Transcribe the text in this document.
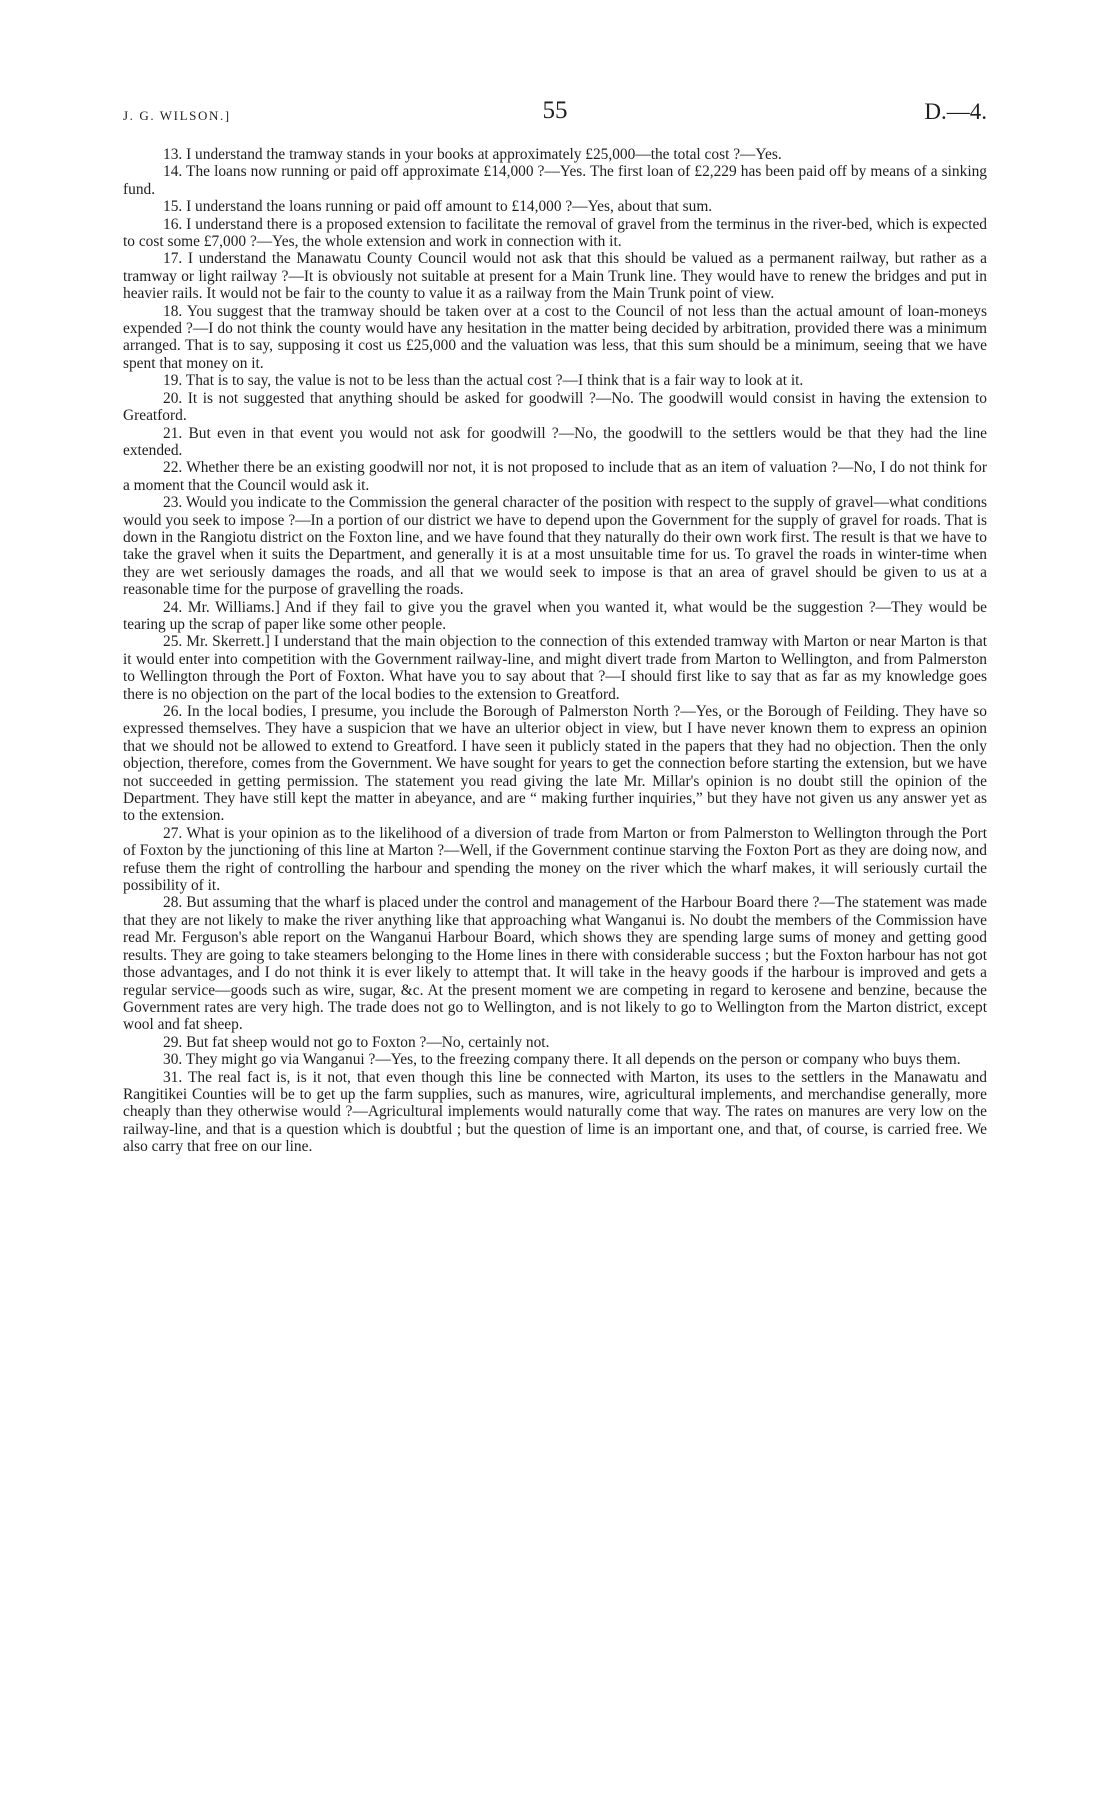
J. G. WILSON.]	55	D.—4.

13. I understand the tramway stands in your books at approximately £25,000—the total cost ?—Yes.

14. The loans now running or paid off approximate £14,000 ?—Yes. The first loan of £2,229 has been paid off by means of a sinking fund.

15. I understand the loans running or paid off amount to £14,000 ?—Yes, about that sum.

16. I understand there is a proposed extension to facilitate the removal of gravel from the terminus in the river-bed, which is expected to cost some £7,000 ?—Yes, the whole extension and work in connection with it.

17. I understand the Manawatu County Council would not ask that this should be valued as a permanent railway, but rather as a tramway or light railway ?—It is obviously not suitable at present for a Main Trunk line. They would have to renew the bridges and put in heavier rails. It would not be fair to the county to value it as a railway from the Main Trunk point of view.

18. You suggest that the tramway should be taken over at a cost to the Council of not less than the actual amount of loan-moneys expended ?—I do not think the county would have any hesitation in the matter being decided by arbitration, provided there was a minimum arranged. That is to say, supposing it cost us £25,000 and the valuation was less, that this sum should be a minimum, seeing that we have spent that money on it.

19. That is to say, the value is not to be less than the actual cost ?—I think that is a fair way to look at it.

20. It is not suggested that anything should be asked for goodwill ?—No. The goodwill would consist in having the extension to Greatford.

21. But even in that event you would not ask for goodwill ?—No, the goodwill to the settlers would be that they had the line extended.

22. Whether there be an existing goodwill nor not, it is not proposed to include that as an item of valuation ?—No, I do not think for a moment that the Council would ask it.

23. Would you indicate to the Commission the general character of the position with respect to the supply of gravel—what conditions would you seek to impose ?—In a portion of our district we have to depend upon the Government for the supply of gravel for roads. That is down in the Rangiotu district on the Foxton line, and we have found that they naturally do their own work first. The result is that we have to take the gravel when it suits the Department, and generally it is at a most unsuitable time for us. To gravel the roads in winter-time when they are wet seriously damages the roads, and all that we would seek to impose is that an area of gravel should be given to us at a reasonable time for the purpose of gravelling the roads.

24. Mr. Williams.] And if they fail to give you the gravel when you wanted it, what would be the suggestion ?—They would be tearing up the scrap of paper like some other people.

25. Mr. Skerrett.] I understand that the main objection to the connection of this extended tramway with Marton or near Marton is that it would enter into competition with the Government railway-line, and might divert trade from Marton to Wellington, and from Palmerston to Wellington through the Port of Foxton. What have you to say about that ?—I should first like to say that as far as my knowledge goes there is no objection on the part of the local bodies to the extension to Greatford.

26. In the local bodies, I presume, you include the Borough of Palmerston North ?—Yes, or the Borough of Feilding. They have so expressed themselves. They have a suspicion that we have an ulterior object in view, but I have never known them to express an opinion that we should not be allowed to extend to Greatford. I have seen it publicly stated in the papers that they had no objection. Then the only objection, therefore, comes from the Government. We have sought for years to get the connection before starting the extension, but we have not succeeded in getting permission. The statement you read giving the late Mr. Millar's opinion is no doubt still the opinion of the Department. They have still kept the matter in abeyance, and are “ making further inquiries,” but they have not given us any answer yet as to the extension.

27. What is your opinion as to the likelihood of a diversion of trade from Marton or from Palmerston to Wellington through the Port of Foxton by the junctioning of this line at Marton ?—Well, if the Government continue starving the Foxton Port as they are doing now, and refuse them the right of controlling the harbour and spending the money on the river which the wharf makes, it will seriously curtail the possibility of it.

28. But assuming that the wharf is placed under the control and management of the Harbour Board there ?—The statement was made that they are not likely to make the river anything like that approaching what Wanganui is. No doubt the members of the Commission have read Mr. Ferguson's able report on the Wanganui Harbour Board, which shows they are spending large sums of money and getting good results. They are going to take steamers belonging to the Home lines in there with considerable success ; but the Foxton harbour has not got those advantages, and I do not think it is ever likely to attempt that. It will take in the heavy goods if the harbour is improved and gets a regular service—goods such as wire, sugar, &c. At the present moment we are competing in regard to kerosene and benzine, because the Government rates are very high. The trade does not go to Wellington, and is not likely to go to Wellington from the Marton district, except wool and fat sheep.

29. But fat sheep would not go to Foxton ?—No, certainly not.

30. They might go via Wanganui ?—Yes, to the freezing company there. It all depends on the person or company who buys them.

31. The real fact is, is it not, that even though this line be connected with Marton, its uses to the settlers in the Manawatu and Rangitikei Counties will be to get up the farm supplies, such as manures, wire, agricultural implements, and merchandise generally, more cheaply than they otherwise would ?—Agricultural implements would naturally come that way. The rates on manures are very low on the railway-line, and that is a question which is doubtful ; but the question of lime is an important one, and that, of course, is carried free. We also carry that free on our line.
